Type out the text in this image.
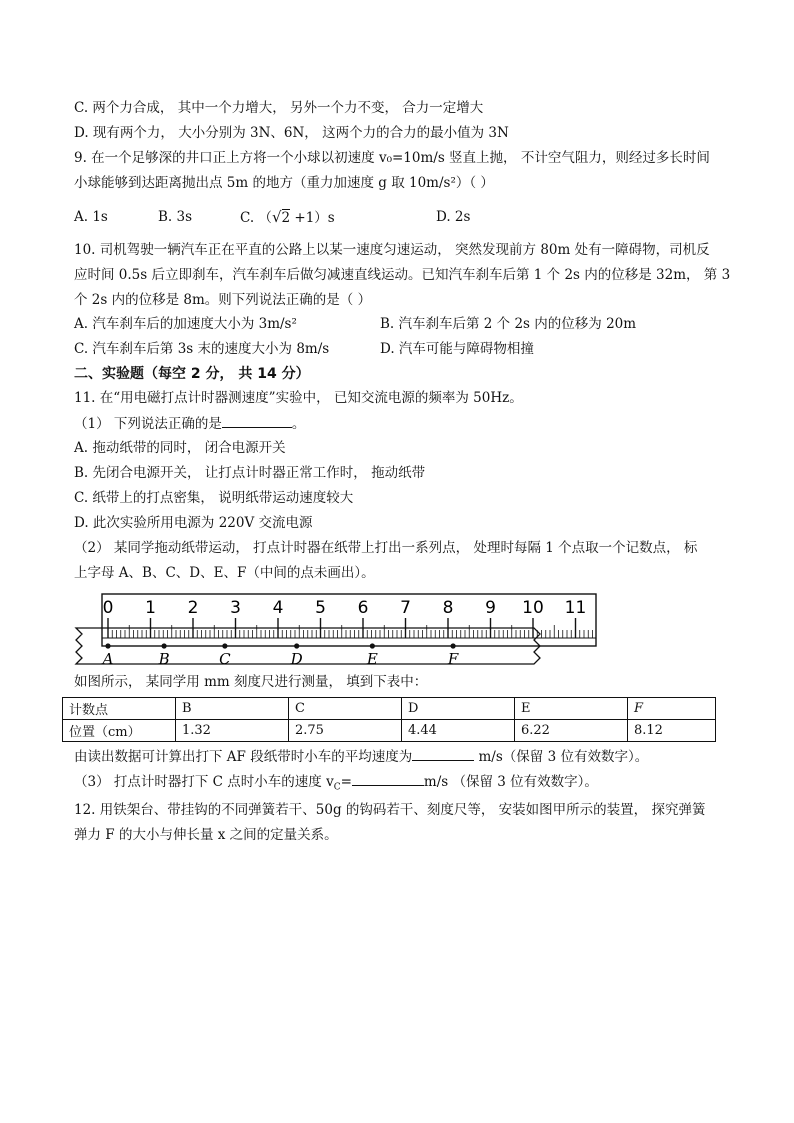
C. 两个力合成， 其中一个力增大， 另外一个力不变， 合力一定增大
D. 现有两个力， 大小分别为 3N、6N， 这两个力的合力的最小值为 3N
9. 在一个足够深的井口正上方将一个小球以初速度 v₀=10m/s 竖直上抛， 不计空气阻力，则经过多长时间
小球能够到达距离抛出点 5m 的地方（重力加速度 g 取 10m/s²）（ ）
A. 1s	B. 3s	C. （√2 +1）s	D. 2s
10. 司机驾驶一辆汽车正在平直的公路上以某一速度匀速运动， 突然发现前方 80m 处有一障碍物，司机反
应时间 0.5s 后立即刹车，汽车刹车后做匀减速直线运动。已知汽车刹车后第 1 个 2s 内的位移是 32m， 第 3
个 2s 内的位移是 8m。则下列说法正确的是（ ）
A. 汽车刹车后的加速度大小为 3m/s²	B. 汽车刹车后第 2 个 2s 内的位移为 20m
C. 汽车刹车后第 3s 末的速度大小为 8m/s	D. 汽车可能与障碍物相撞
二、实验题（每空 2 分， 共 14 分）
11. 在“用电磁打点计时器测速度”实验中， 已知交流电源的频率为 50Hz。
（1） 下列说法正确的是	。
A. 拖动纸带的同时， 闭合电源开关
B. 先闭合电源开关， 让打点计时器正常工作时， 拖动纸带
C. 纸带上的打点密集， 说明纸带运动速度较大
D. 此次实验所用电源为 220V 交流电源
（2） 某同学拖动纸带运动， 打点计时器在纸带上打出一系列点， 处理时每隔 1 个点取一个记数点， 标
上字母 A、B、C、D、E、F（中间的点未画出）。
0 1 2 3 4 5 6 7 8 9 10 11
A	B	C	D	E	F
如图所示， 某同学用 mm 刻度尺进行测量， 填到下表中：
计数点	B	C	D	E	F
位置（cm）	1.32	2.75	4.44	6.22	8.12
由读出数据可计算出打下 AF 段纸带时小车的平均速度为	m/s（保留 3 位有效数字）。
（3） 打点计时器打下 C 点时小车的速度 $v_C=$	m/s （保留 3 位有效数字）。
12. 用铁架台、带挂钩的不同弹簧若干、50g 的钩码若干、刻度尺等， 安装如图甲所示的装置， 探究弹簧
弹力 F 的大小与伸长量 x 之间的定量关系。
